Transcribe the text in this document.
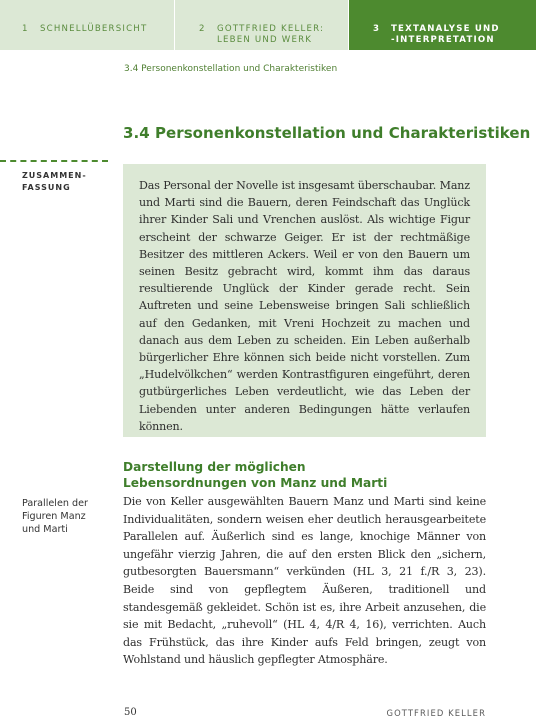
1	SCHNELLÜBERSICHT	2	GOTTFRIED KELLER:
LEBEN UND WERK
3	TEXTANALYSE UND
-INTERPRETATION
3.4 Personenkonstellation und Charakteristiken
3.4 Personenkonstellation und Charakteristiken
ZUSAMMEN-
FASSUNG	Das Personal der Novelle ist insgesamt überschaubar. Manz und Marti sind die Bauern, deren Feindschaft das Unglück ihrer Kinder Sali und Vrenchen auslöst. Als wichtige Figur erscheint der schwarze Geiger. Er ist der rechtmäßige Besitzer des mittleren Ackers. Weil er von den Bauern um seinen Besitz gebracht wird, kommt ihm das daraus resultierende Unglück der Kinder gerade recht. Sein Auftreten und seine Lebensweise bringen Sali schließlich auf den Gedanken, mit Vreni Hochzeit zu machen und danach aus dem Leben zu scheiden. Ein Leben außerhalb bürgerlicher Ehre können sich beide nicht vorstellen. Zum „Hudelvölkchen“ werden Kontrastfiguren eingeführt, deren gutbürgerliches Leben verdeutlicht, wie das Leben der Liebenden unter anderen Bedingungen hätte verlaufen können.

Darstellung der möglichen Lebensordnungen von Manz und Marti
Parallelen der
Figuren Manz
und Marti

Die von Keller ausgewählten Bauern Manz und Marti sind keine Individualitäten, sondern weisen eher deutlich herausgearbeitete Parallelen auf. Äußerlich sind es lange, knochige Männer von ungefähr vierzig Jahren, die auf den ersten Blick den „sichern, gutbesorgten Bauersmann“ verkünden (HL 3, 21 f./R 3, 23). Beide sind von gepflegtem Äußeren, traditionell und standesgemäß gekleidet. Schön ist es, ihre Arbeit anzusehen, die sie mit Bedacht, „ruhevoll“ (HL 4, 4/R 4, 16), verrichten. Auch das Frühstück, das ihre Kinder aufs Feld bringen, zeugt von Wohlstand und häuslich gepflegter Atmosphäre.

50	GOTTFRIED KELLER
